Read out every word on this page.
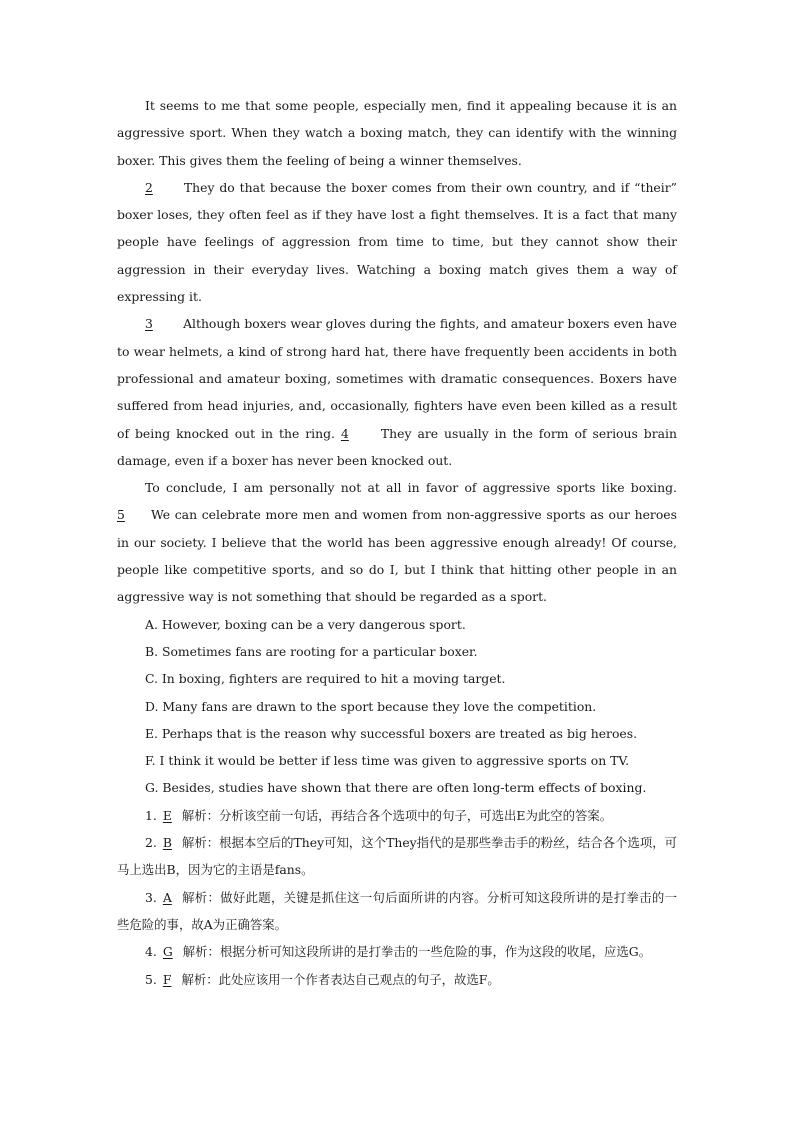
It seems to me that some people, especially men, find it appealing because it is an aggressive sport. When they watch a boxing match, they can identify with the winning boxer. This gives them the feeling of being a winner themselves.

2	They do that because the boxer comes from their own country, and if “their” boxer loses, they often feel as if they have lost a fight themselves. It is a fact that many people have feelings of aggression from time to time, but they cannot show their aggression in their everyday lives. Watching a boxing match gives them a way of expressing it.

3 Although boxers wear gloves during the fights, and amateur boxers even have to wear helmets, a kind of strong hard hat, there have frequently been accidents in both professional and amateur boxing, sometimes with dramatic consequences. Boxers have suffered from head injuries, and, occasionally, fighters have even been killed as a result of being knocked out in the ring. 4	They are usually in the form of serious brain damage, even if a boxer has never been knocked out.

To conclude, I am personally not at all in favor of aggressive sports like boxing. 5 We can celebrate more men and women from non-aggressive sports as our heroes in our society. I believe that the world has been aggressive enough already! Of course, people like competitive sports, and so do I, but I think that hitting other people in an aggressive way is not something that should be regarded as a sport.

A. However, boxing can be a very dangerous sport.

B. Sometimes fans are rooting for a particular boxer.

C. In boxing, fighters are required to hit a moving target.

D. Many fans are drawn to the sport because they love the competition.

E. Perhaps that is the reason why successful boxers are treated as big heroes.

F. I think it would be better if less time was given to aggressive sports on TV.

G. Besides, studies have shown that there are often long-term effects of boxing.

1. E 解析：分析该空前一句话，再结合各个选项中的句子，可选出E为此空的答案。

2. B 解析：根据本空后的They可知，这个They指代的是那些拳击手的粉丝，结合各个选项，可马上选出B，因为它的主语是fans。

3. A 解析：做好此题，关键是抓住这一句后面所讲的内容。分析可知这段所讲的是打拳击的一些危险的事，故A为正确答案。

4. G 解析：根据分析可知这段所讲的是打拳击的一些危险的事，作为这段的收尾，应选G。

5. F 解析：此处应该用一个作者表达自己观点的句子，故选F。
